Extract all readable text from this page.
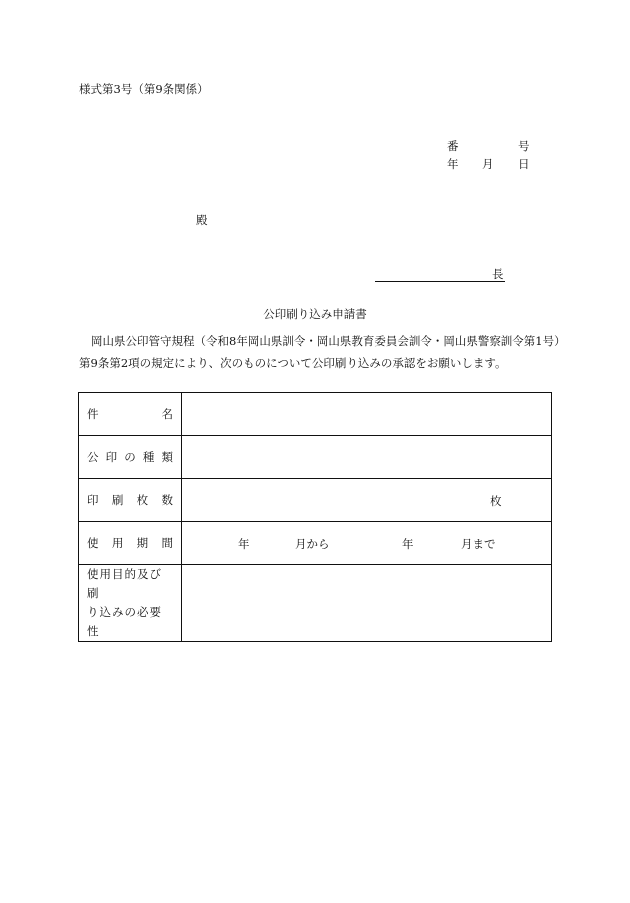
様式第3号（第9条関係）
番	号
年 月 日
殿
長
公印刷り込み申請書
岡山県公印管守規程（令和8年岡山県訓令・岡山県教育委員会訓令・岡山県警察訓令第1号）
第9条第2項の規定により、次のものについて公印刷り込みの承認をお願いします。
件 名	

公 印 の 種 類	

印 刷 枚 数	枚

使 用 期 間	年 月から 年 月まで

使用目的及び刷
り込みの必要性	
